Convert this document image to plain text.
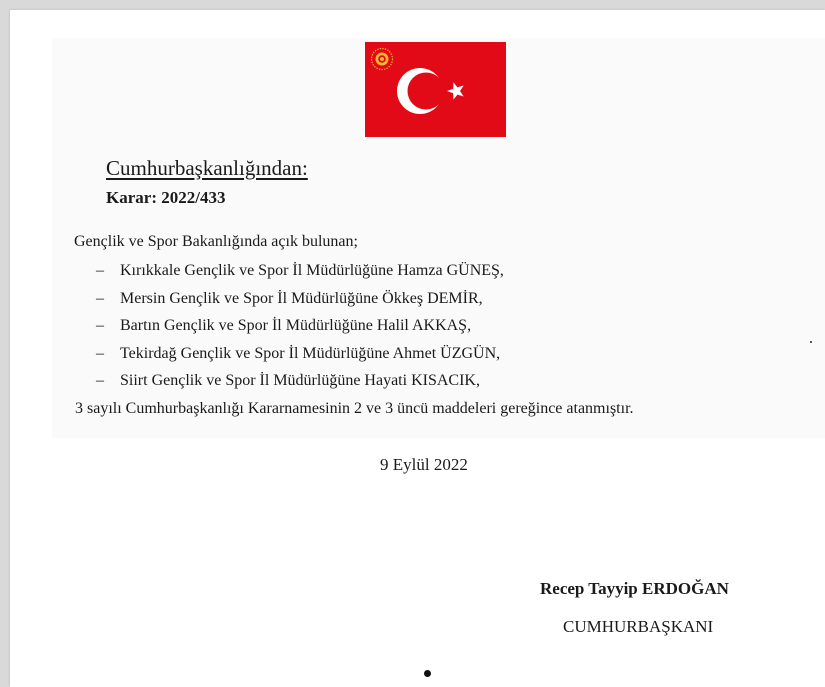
Cumhurbaşkanlığından:
Karar: 2022/433
Gençlik ve Spor Bakanlığında açık bulunan;
– Kırıkkale Gençlik ve Spor İl Müdürlüğüne Hamza GÜNEŞ,
– Mersin Gençlik ve Spor İl Müdürlüğüne Ökkeş DEMİR,
– Bartın Gençlik ve Spor İl Müdürlüğüne Halil AKKAŞ,
– Tekirdağ Gençlik ve Spor İl Müdürlüğüne Ahmet ÜZGÜN,
– Siirt Gençlik ve Spor İl Müdürlüğüne Hayati KISACIK,
3 sayılı Cumhurbaşkanlığı Kararnamesinin 2 ve 3 üncü maddeleri gereğince atanmıştır.
9 Eylül 2022
Recep Tayyip ERDOĞAN
CUMHURBAŞKANI
